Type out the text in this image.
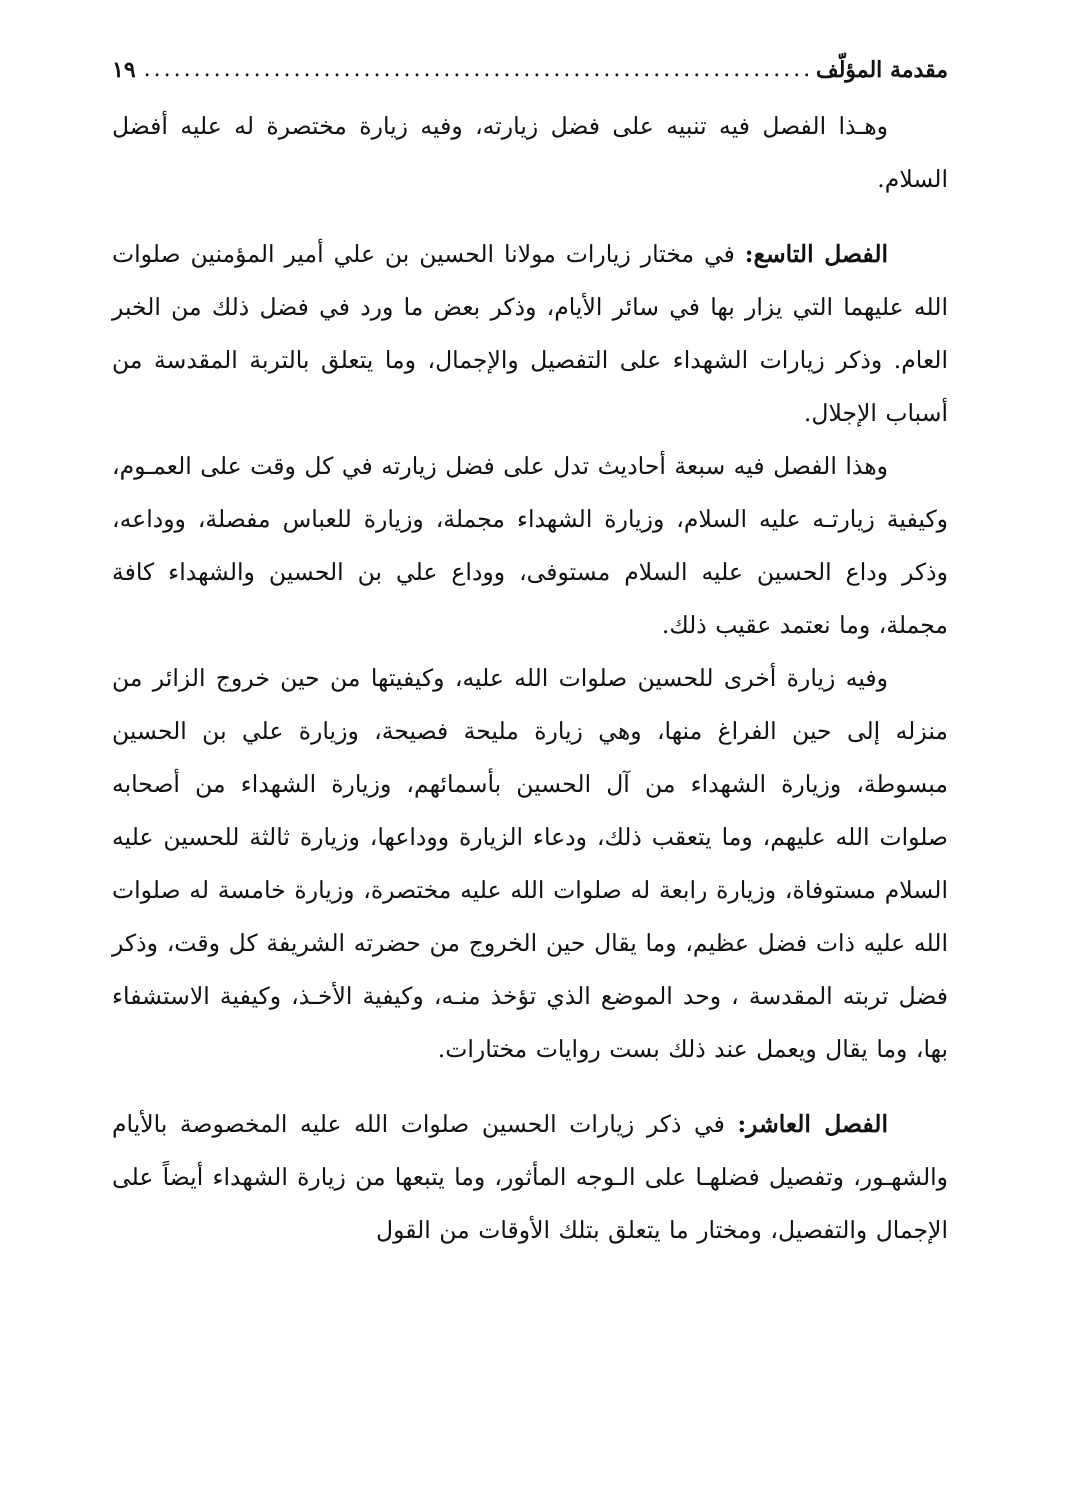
مقدمة المؤلّف
.....
١٩

وهـذا الفصل فيه تنبيه على فضل زيارته، وفيه زيارة مختصرة له عليه أفضل السلام.

الفصل التاسع: في مختار زيارات مولانا الحسين بن علي أمير المؤمنين صلوات الله عليهما التي يزار بها في سائر الأيام، وذكر بعض ما ورد في فضل ذلك من الخبر العام. وذكر زيارات الشهداء على التفصيل والإجمال، وما يتعلق بالتربة المقدسة من أسباب الإجلال.

وهذا الفصل فيه سبعة أحاديث تدل على فضل زيارته في كل وقت على العمـوم، وكيفية زيارتـه عليه السلام، وزيارة الشهداء مجملة، وزيارة للعباس مفصلة، ووداعه، وذكر وداع الحسين عليه السلام مستوفى، ووداع علي بن الحسين والشهداء كافة مجملة، وما نعتمد عقيب ذلك.

وفيه زيارة أخرى للحسين صلوات الله عليه، وكيفيتها من حين خروج الزائر من منزله إلى حين الفراغ منها، وهي زيارة مليحة فصيحة، وزيارة علي بن الحسين مبسوطة، وزيارة الشهداء من آل الحسين بأسمائهم، وزيارة الشهداء من أصحابه صلوات الله عليهم، وما يتعقب ذلك، ودعاء الزيارة ووداعها، وزيارة ثالثة للحسين عليه السلام مستوفاة، وزيارة رابعة له صلوات الله عليه مختصرة، وزيارة خامسة له صلوات الله عليه ذات فضل عظيم، وما يقال حين الخروج من حضرته الشريفة كل وقت، وذكر فضل تربته المقدسة ، وحد الموضع الذي تؤخذ منـه، وكيفية الأخـذ، وكيفية الاستشفاء بها، وما يقال ويعمل عند ذلك بست روايات مختارات.

الفصل العاشر: في ذكر زيارات الحسين صلوات الله عليه المخصوصة بالأيام والشهـور، وتفصيل فضلهـا على الـوجه المأثور، وما يتبعها من زيارة الشهداء أيضاً على الإجمال والتفصيل، ومختار ما يتعلق بتلك الأوقات من القول
